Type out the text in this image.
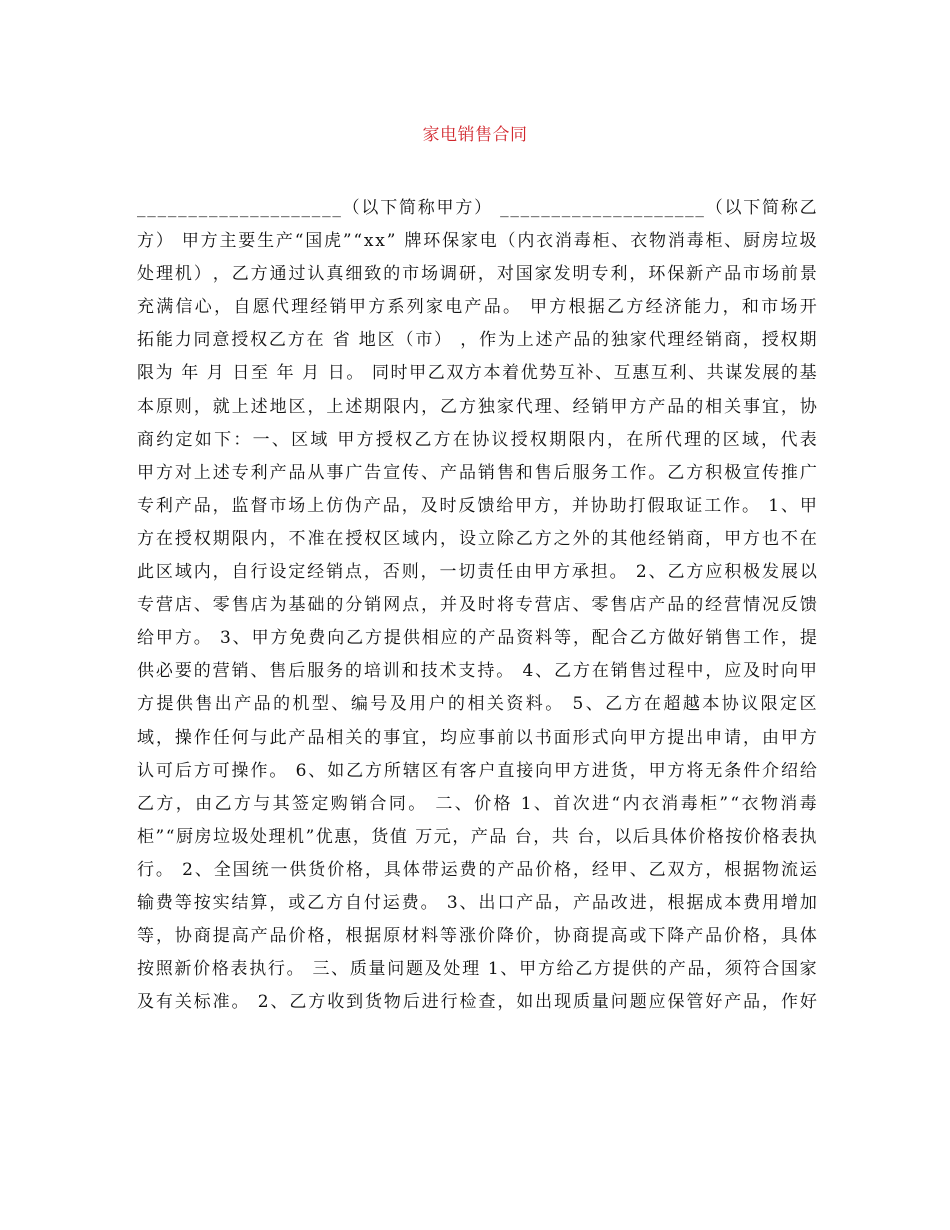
家电销售合同
_ _ _ _ _ _ _ _ _ _ _ _ _ _ _ _ _ _ _ _ （ 以 下 简 称 甲 方 ）
_ _ _ _ _ _ _ _ _ _ _ _ _ _ _ _ _ _ _ _ （ 以 下 简 称 乙
方 ）
甲 方 主 要 生 产 “ 国 虎 ” “ x x ”
牌 环 保 家 电 （ 内 衣 消 毒 柜 、 衣 物 消 毒 柜 、 厨 房 垃 圾
处 理 机 ） ， 乙 方 通 过 认 真 细 致 的 市 场 调 研 ， 对 国 家 发 明 专 利 ， 环 保 新 产 品 市 场 前 景
充 满 信 心 ， 自 愿 代 理 经 销 甲 方 系 列 家 电 产 品 。
甲 方 根 据 乙 方 经 济 能 力 ， 和 市 场 开
拓 能 力 同 意 授 权 乙 方 在
省
地 区 （ 市 ）
， 作 为 上 述 产 品 的 独 家 代 理 经 销 商 ， 授 权 期
限 为
年
月
日 至
年
月
日 。
同 时 甲 乙 双 方 本 着 优 势 互 补 、 互 惠 互 利 、 共 谋 发 展 的 基
本 原 则 ， 就 上 述 地 区 ， 上 述 期 限 内 ， 乙 方 独 家 代 理 、 经 销 甲 方 产 品 的 相 关 事 宜 ， 协
商 约 定 如 下 ： 一 、 区 域
甲 方 授 权 乙 方 在 协 议 授 权 期 限 内 ， 在 所 代 理 的 区 域 ， 代 表
甲 方 对 上 述 专 利 产 品 从 事 广 告 宣 传 、 产 品 销 售 和 售 后 服 务 工 作 。 乙 方 积 极 宣 传 推 广
专 利 产 品 ， 监 督 市 场 上 仿 伪 产 品 ， 及 时 反 馈 给 甲 方 ， 并 协 助 打 假 取 证 工 作 。
1 、 甲
方 在 授 权 期 限 内 ， 不 准 在 授 权 区 域 内 ， 设 立 除 乙 方 之 外 的 其 他 经 销 商 ， 甲 方 也 不 在
此 区 域 内 ， 自 行 设 定 经 销 点 ， 否 则 ， 一 切 责 任 由 甲 方 承 担 。
2 、 乙 方 应 积 极 发 展 以
专 营 店 、 零 售 店 为 基 础 的 分 销 网 点 ， 并 及 时 将 专 营 店 、 零 售 店 产 品 的 经 营 情 况 反 馈
给 甲 方 。
3 、 甲 方 免 费 向 乙 方 提 供 相 应 的 产 品 资 料 等 ， 配 合 乙 方 做 好 销 售 工 作 ， 提
供 必 要 的 营 销 、 售 后 服 务 的 培 训 和 技 术 支 持 。
4 、 乙 方 在 销 售 过 程 中 ， 应 及 时 向 甲
方 提 供 售 出 产 品 的 机 型 、 编 号 及 用 户 的 相 关 资 料 。
5 、 乙 方 在 超 越 本 协 议 限 定 区
域 ， 操 作 任 何 与 此 产 品 相 关 的 事 宜 ， 均 应 事 前 以 书 面 形 式 向 甲 方 提 出 申 请 ， 由 甲 方
认 可 后 方 可 操 作 。
6 、 如 乙 方 所 辖 区 有 客 户 直 接 向 甲 方 进 货 ， 甲 方 将 无 条 件 介 绍 给
乙 方 ， 由 乙 方 与 其 签 定 购 销 合 同 。
二 、 价 格
1 、 首 次 进 “ 内 衣 消 毒 柜 ” “ 衣 物 消 毒
柜 ” “ 厨 房 垃 圾 处 理 机 ” 优 惠 ， 货 值
万 元 ， 产 品
台 ， 共
台 ， 以 后 具 体 价 格 按 价 格 表 执
行 。
2 、 全 国 统 一 供 货 价 格 ， 具 体 带 运 费 的 产 品 价 格 ， 经 甲 、 乙 双 方 ， 根 据 物 流 运
输 费 等 按 实 结 算 ， 或 乙 方 自 付 运 费 。
3 、 出 口 产 品 ， 产 品 改 进 ， 根 据 成 本 费 用 增 加
等 ， 协 商 提 高 产 品 价 格 ， 根 据 原 材 料 等 涨 价 降 价 ， 协 商 提 高 或 下 降 产 品 价 格 ， 具 体
按 照 新 价 格 表 执 行 。
三 、 质 量 问 题 及 处 理
1 、 甲 方 给 乙 方 提 供 的 产 品 ， 须 符 合 国 家
及 有 关 标 准 。
2 、 乙 方 收 到 货 物 后 进 行 检 查 ， 如 出 现 质 量 问 题 应 保 管 好 产 品 ， 作 好
